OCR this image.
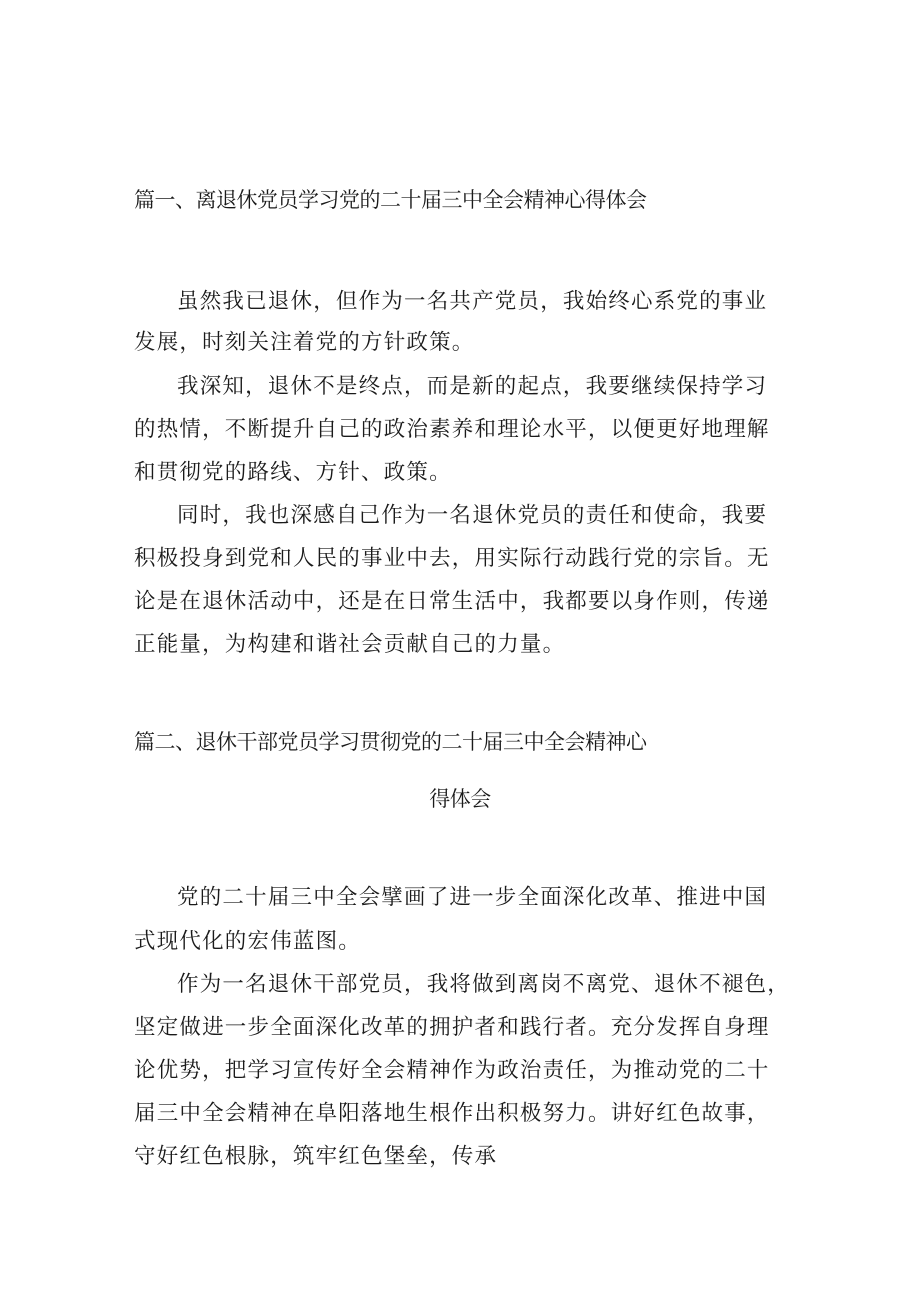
篇一、离退休党员学习党的二十届三中全会精神心得体会

虽然我已退休，但作为一名共产党员，我始终心系党的事业

发展，时刻关注着党的方针政策。

我深知，退休不是终点，而是新的起点，我要继续保持学习

的热情，不断提升自己的政治素养和理论水平，以便更好地理解

和贯彻党的路线、方针、政策。

同时，我也深感自己作为一名退休党员的责任和使命，我要

积极投身到党和人民的事业中去，用实际行动践行党的宗旨。无

论是在退休活动中，还是在日常生活中，我都要以身作则，传递

正能量，为构建和谐社会贡献自己的力量。

篇二、退休干部党员学习贯彻党的二十届三中全会精神心
得体会

党的二十届三中全会擘画了进一步全面深化改革、推进中国

式现代化的宏伟蓝图。

作为一名退休干部党员，我将做到离岗不离党、退休不褪色，

坚定做进一步全面深化改革的拥护者和践行者。充分发挥自身理

论优势，把学习宣传好全会精神作为政治责任，为推动党的二十

届三中全会精神在阜阳落地生根作出积极努力。讲好红色故事，

守好红色根脉，筑牢红色堡垒，传承
